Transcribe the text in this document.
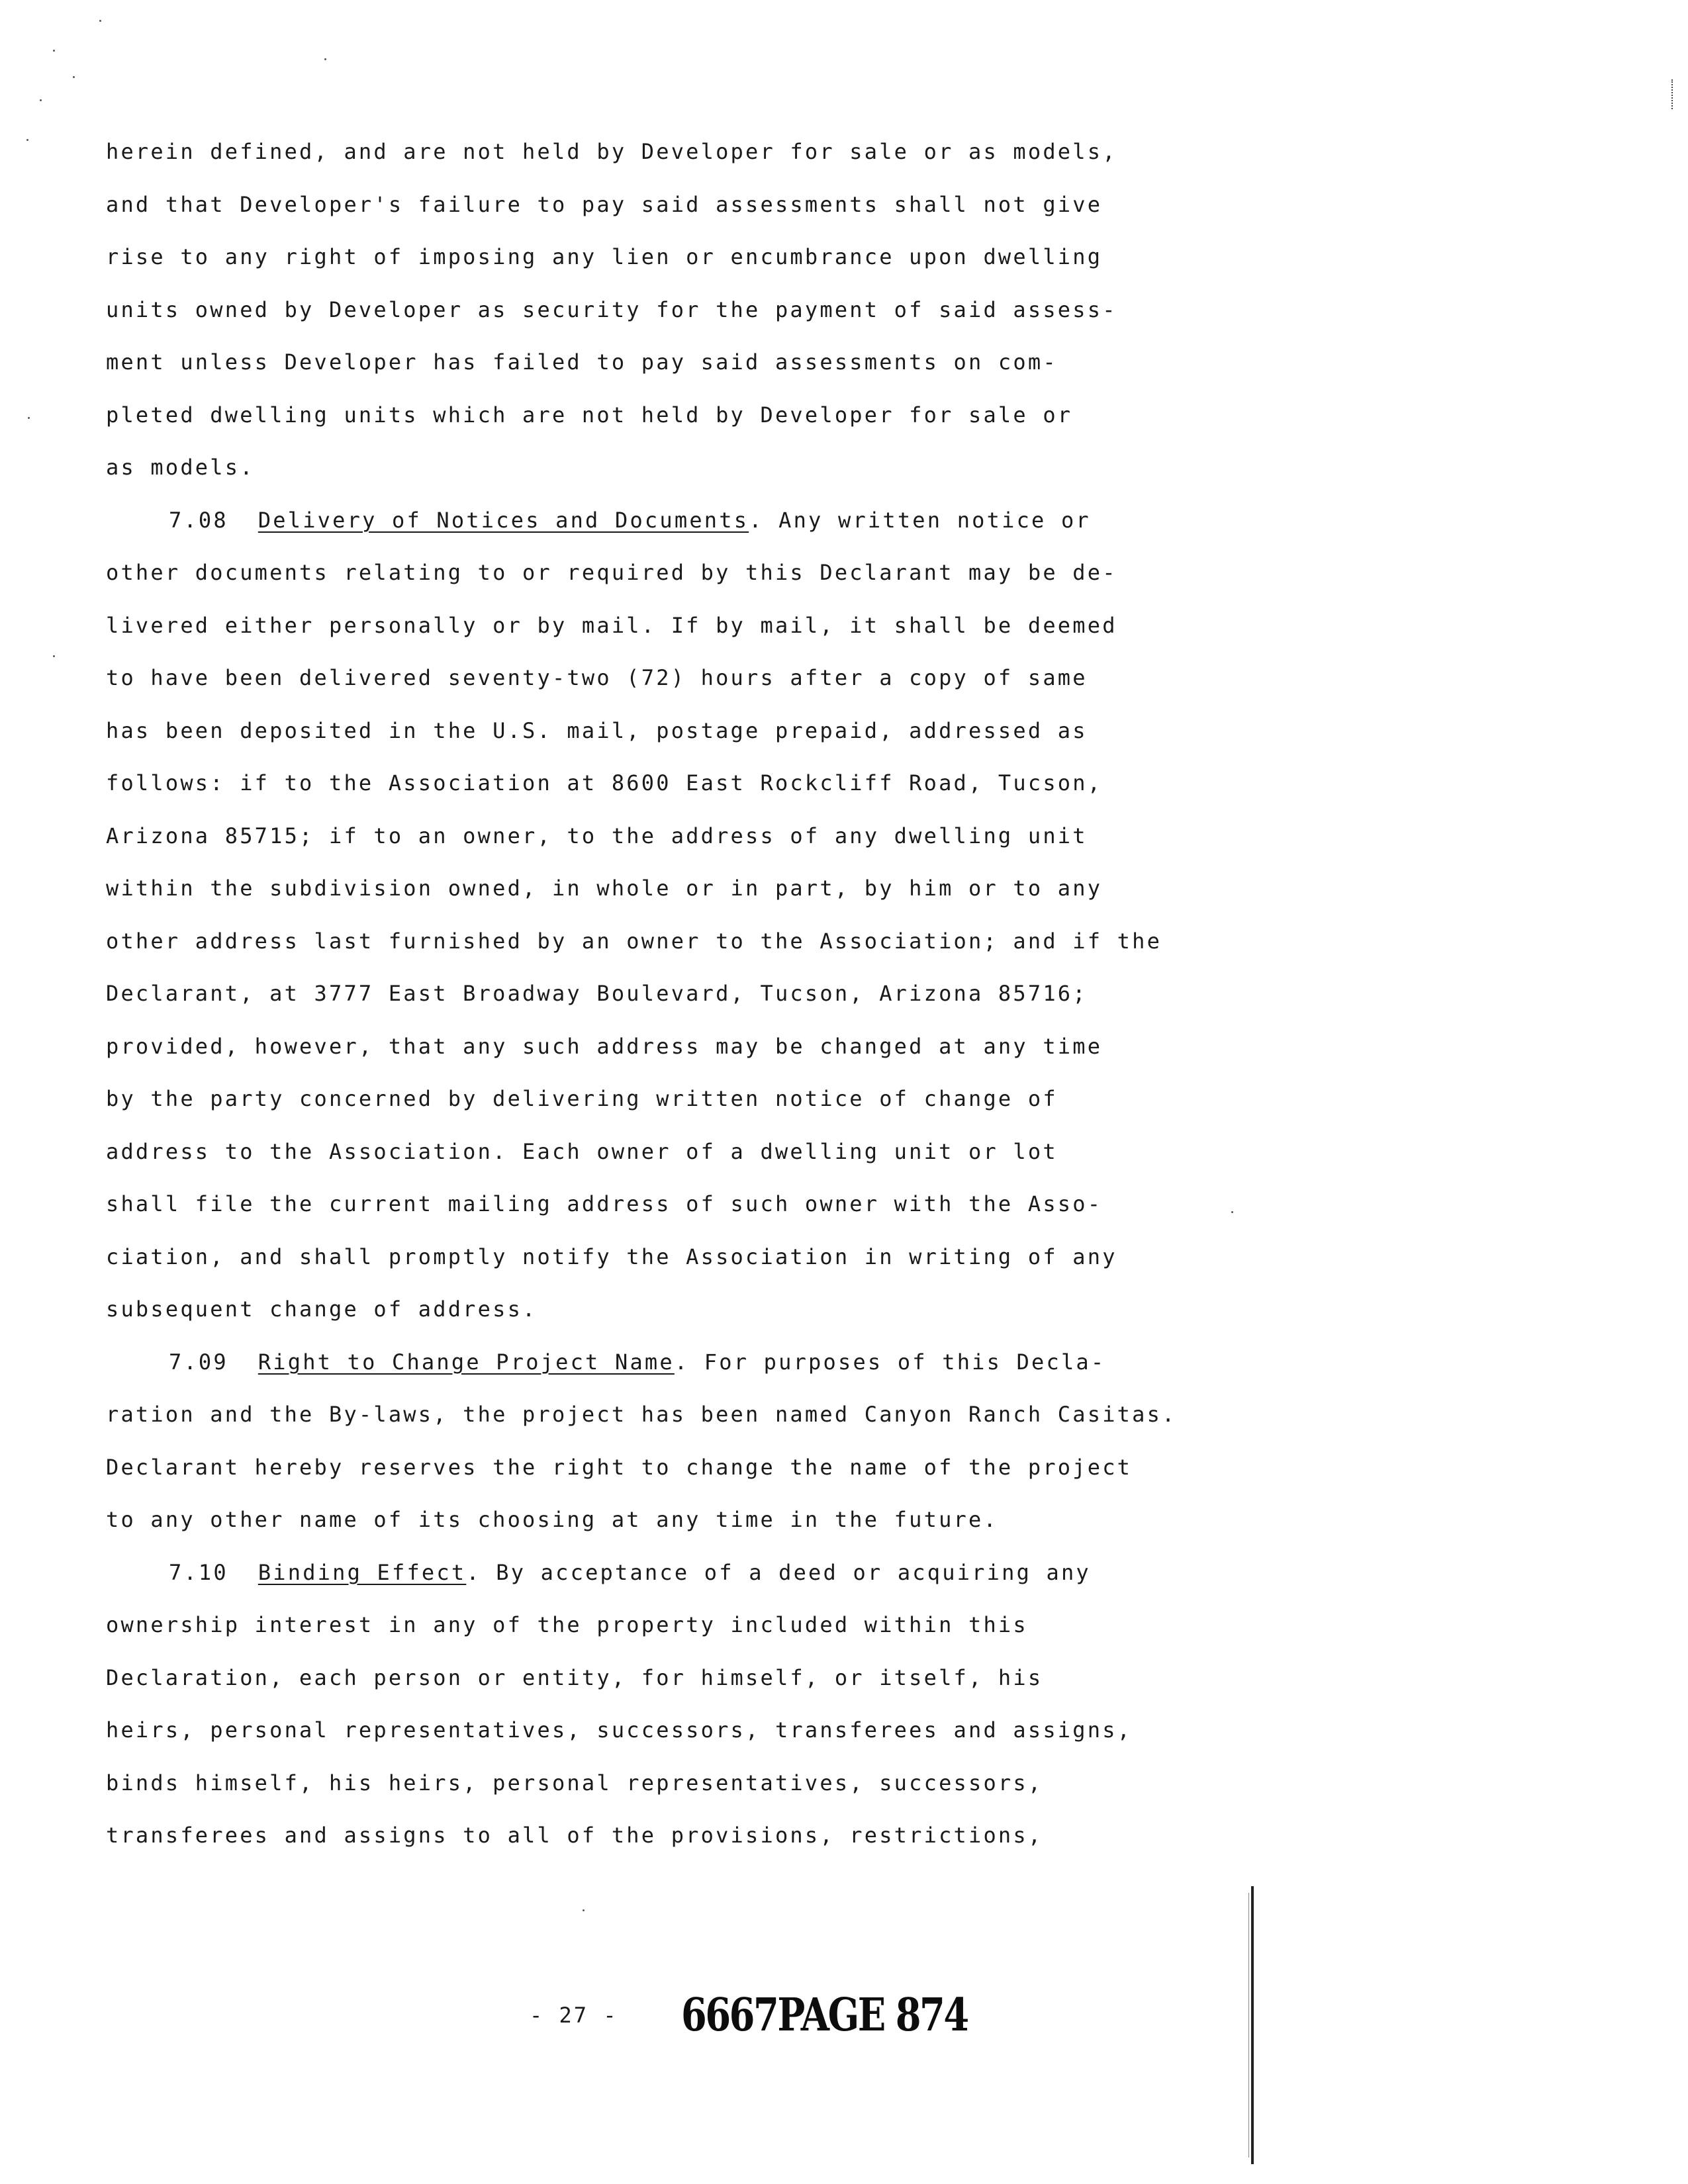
herein defined, and are not held by Developer for sale or as models,
and that Developer's failure to pay said assessments shall not give
rise to any right of imposing any lien or encumbrance upon dwelling
units owned by Developer as security for the payment of said assess-
ment unless Developer has failed to pay said assessments on com-
pleted dwelling units which are not held by Developer for sale or
as models.
7.08 Delivery of Notices and Documents. Any written notice or
other documents relating to or required by this Declarant may be de-
livered either personally or by mail. If by mail, it shall be deemed
to have been delivered seventy-two (72) hours after a copy of same
has been deposited in the U.S. mail, postage prepaid, addressed as
follows: if to the Association at 8600 East Rockcliff Road, Tucson,
Arizona 85715; if to an owner, to the address of any dwelling unit
within the subdivision owned, in whole or in part, by him or to any
other address last furnished by an owner to the Association; and if the
Declarant, at 3777 East Broadway Boulevard, Tucson, Arizona 85716;
provided, however, that any such address may be changed at any time
by the party concerned by delivering written notice of change of
address to the Association. Each owner of a dwelling unit or lot
shall file the current mailing address of such owner with the Asso-
ciation, and shall promptly notify the Association in writing of any
subsequent change of address.
7.09 Right to Change Project Name. For purposes of this Decla-
ration and the By-laws, the project has been named Canyon Ranch Casitas.
Declarant hereby reserves the right to change the name of the project
to any other name of its choosing at any time in the future.
7.10 Binding Effect. By acceptance of a deed or acquiring any
ownership interest in any of the property included within this
Declaration, each person or entity, for himself, or itself, his
heirs, personal representatives, successors, transferees and assigns,
binds himself, his heirs, personal representatives, successors,
transferees and assigns to all of the provisions, restrictions,
- 27 - 6667PAGE 874
